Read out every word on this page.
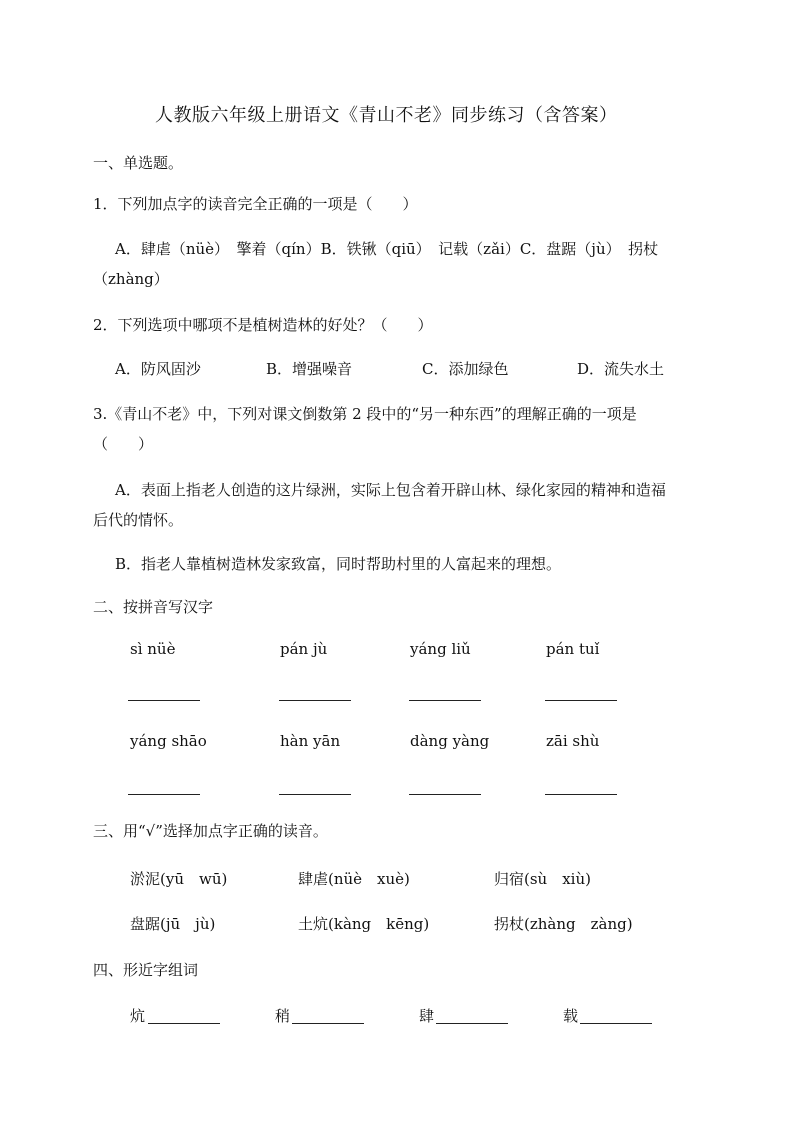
人教版六年级上册语文《青山不老》同步练习（含答案）
一、单选题。
1．下列加点字的读音完全正确的一项是（　　）
A．肆虐（nüè）　擎着（qín）B．铁锹（qiū）　记载（zǎi）C．盘踞（jù）　拐杖
（zhàng）
2．下列选项中哪项不是植树造林的好处？（　　）
A．防风固沙	B．增强噪音	C．添加绿色	D．流失水土
3.《青山不老》中，下列对课文倒数第 2 段中的“另一种东西”的理解正确的一项是
（　　）
A．表面上指老人创造的这片绿洲，实际上包含着开辟山林、绿化家园的精神和造福
后代的情怀。
B．指老人靠植树造林发家致富，同时帮助村里的人富起来的理想。
二、按拼音写汉字
sì nüè	pán jù	yáng liǔ	pán tuǐ
yáng shāo	hàn yān	dàng yàng	zāi shù
三、用“√”选择加点字正确的读音。
淤泥(yū　wū)	肆虐(nüè　xuè)	归宿(sù　xiù)
盘踞(jū　jù)	土炕(kàng　kēng)	拐杖(zhàng　zàng)
四、形近字组词
炕	稍	肆	载
